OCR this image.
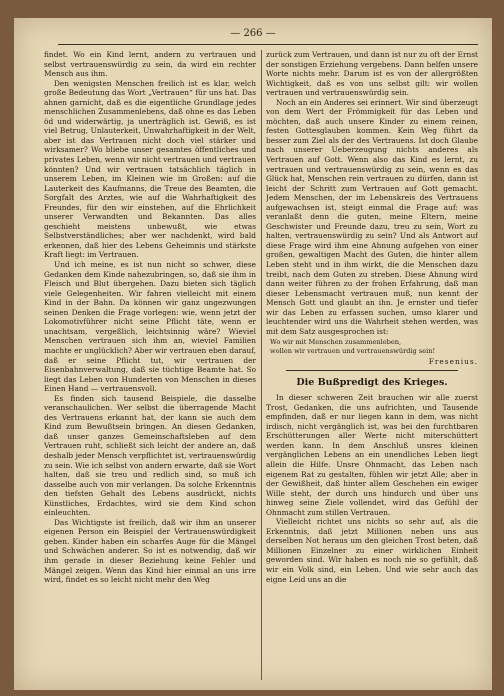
— 266 —

findet. Wo ein Kind lernt, andern zu vertrauen und selbst vertrauenswürdig zu sein, da wird ein rechter Mensch aus ihm.

Den wenigsten Menschen freilich ist es klar, welch große Bedeutung das Wort „Vertrauen“ für uns hat. Das ahnen garnicht, daß es die eigentliche Grundlage jedes menschlichen Zusammenlebens, daß ohne es das Leben öd und widerwärtig, ja unerträglich ist. Gewiß, es ist viel Betrug, Unlauterkeit, Unwahrhaftigkeit in der Welt, aber ist das Vertrauen nicht doch viel stärker und wirksamer? Wo bliebe unser gesamtes öffentliches und privates Leben, wenn wir nicht vertrauen und vertrauen könnten? Und wir vertrauen tatsächlich täglich in unserem Leben, im Kleinen wie im Großen: auf die Lauterkeit des Kaufmanns, die Treue des Beamten, die Sorgfalt des Arztes, wie auf die Wahrhaftigkeit des Freundes, für den wir einstehen, auf die Ehrlichkeit unserer Verwandten und Bekannten. Das alles geschieht meistens unbewußt, wie etwas Selbstverständliches; aber wer nachdenkt, wird bald erkennen, daß hier des Lebens Geheimnis und stärkste Kraft liegt: im Vertrauen.

Und ich meine, es ist nun nicht so schwer, diese Gedanken dem Kinde nahezubringen, so, daß sie ihm in Fleisch und Blut übergehen. Dazu bieten sich täglich viele Gelegenheiten. Wir fahren vielleicht mit einem Kind in der Bahn. Da können wir ganz ungezwungen seinen Denken die Frage vorlegen: wie, wenn jetzt der Lokomotivführer nicht seine Pflicht täte, wenn er unachtsam, vergeßlich, leichtsinnig wäre? Wieviel Menschen vertrauen sich ihm an, wieviel Familien machte er unglücklich? Aber wir vertrauen eben darauf, daß er seine Pflicht tut, wir vertrauen der Eisenbahnverwaltung, daß sie tüchtige Beamte hat. So liegt das Leben von Hunderten von Menschen in dieses Einen Hand — vertrauensvoll.

Es finden sich tausend Beispiele, die dasselbe veranschaulichen. Wer selbst die überragende Macht des Vertrauens erkannt hat, der kann sie auch dem Kind zum Bewußtsein bringen. An diesen Gedanken, daß unser ganzes Gemeinschaftsleben auf dem Vertrauen ruht, schließt sich leicht der andere an, daß deshalb jeder Mensch verpflichtet ist, vertrauenswürdig zu sein. Wie ich selbst von andern erwarte, daß sie Wort halten, daß sie treu und redlich sind, so muß ich dasselbe auch von mir verlangen. Da solche Erkenntnis den tiefsten Gehalt des Lebens ausdrückt, nichts Künstliches, Erdachtes, wird sie dem Kind schon einleuchten.

Das Wichtigste ist freilich, daß wir ihm an unserer eigenen Person ein Beispiel der Vertrauenswürdigkeit geben. Kinder haben ein scharfes Auge für die Mängel und Schwächen anderer. So ist es notwendig, daß wir ihm gerade in dieser Beziehung keine Fehler und Mängel zeigen. Wenn das Kind hier einmal an uns irre wird, findet es so leicht nicht mehr den Weg

zurück zum Vertrauen, und dann ist nur zu oft der Ernst der sonstigen Erziehung vergebens. Dann helfen unsere Worte nichts mehr. Darum ist es von der allergrößten Wichtigkeit, daß es von uns selbst gilt: wir wollen vertrauen und vertrauenswürdig sein.

Noch an ein Anderes sei erinnert. Wir sind überzeugt von dem Wert der Frömmigkeit für das Leben und möchten, daß auch unsere Kinder zu einem reinen, festen Gottesglauben kommen. Kein Weg führt da besser zum Ziel als der des Vertrauens. Ist doch Glaube nach unserer Ueberzeugung nichts anderes als Vertrauen auf Gott. Wenn also das Kind es lernt, zu vertrauen und vertrauenswürdig zu sein, wenn es das Glück hat, Menschen rein vertrauen zu dürfen, dann ist leicht der Schritt zum Vertrauen auf Gott gemacht. Jedem Menschen, der im Lebenskreis des Vertrauens aufgewachsen ist, steigt einmal die Frage auf: was veranlaßt denn die guten, meine Eltern, meine Geschwister und Freunde dazu, treu zu sein, Wort zu halten, vertrauenswürdig zu sein? Und als Antwort auf diese Frage wird ihm eine Ahnung aufgehen von einer großen, gewaltigen Macht des Guten, die hinter allem Leben steht und in ihm wirkt, die die Menschen dazu treibt, nach dem Guten zu streben. Diese Ahnung wird dann weiter führen zu der frohen Erfahrung, daß man dieser Lebensmacht vertrauen muß, nun kennt der Mensch Gott und glaubt an ihn. Je ernster und tiefer wir das Leben zu erfassen suchen, umso klarer und leuchtender wird uns die Wahrheit stehen werden, was mit dem Satz ausgesprochen ist:

Wo wir mit Menschen zusammenleben,

wollen wir vertrauen und vertrauenswürdig sein!

Fresenius.
Die Bußpredigt des Krieges.

In dieser schweren Zeit brauchen wir alle zuerst Trost, Gedanken, die uns aufrichten, und Tausende empfinden, daß er nur liegen kann in dem, was nicht irdisch, nicht vergänglich ist, was bei den furchtbaren Erschütterungen aller Werte nicht miterschüttert werden kann. In dem Anschluß unsres kleinen vergänglichen Lebens an ein unendliches Leben liegt allein die Hilfe. Unsre Ohnmacht, das Leben nach eigenem Rat zu gestalten, fühlen wir jetzt Alle; aber in der Gewißheit, daß hinter allem Geschehen ein ewiger Wille steht, der durch uns hindurch und über uns hinweg seine Ziele vollendet, wird das Gefühl der Ohnmacht zum stillen Vertrauen.

Vielleicht richtet uns nichts so sehr auf, als die Erkenntnis, daß jetzt Millionen neben uns aus derselben Not heraus um den gleichen Trost beten, daß Millionen Einzelner zu einer wirklichen Einheit geworden sind. Wir haben es noch nie so gefühlt, daß wir ein Volk sind, ein Leben. Und wie sehr auch das eigne Leid uns an die
